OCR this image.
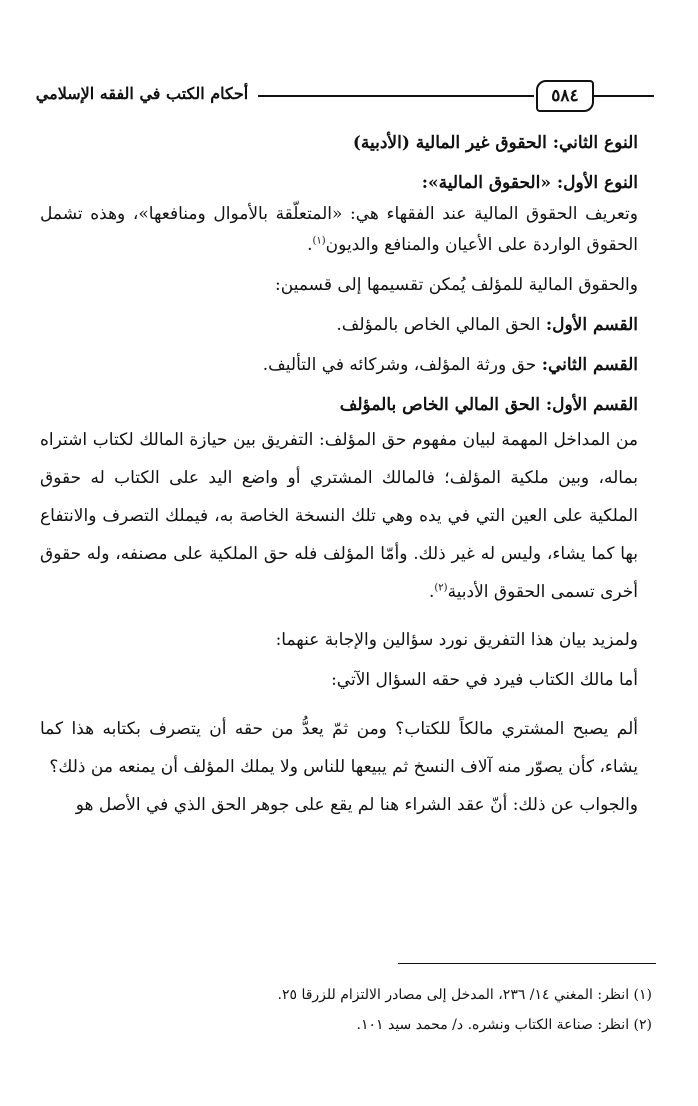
أحكام الكتب في الفقه الإسلامي	٥٨٤

النوع الثاني: الحقوق غير المالية (الأدبية)

النوع الأول: «الحقوق المالية»:

وتعريف الحقوق المالية عند الفقهاء هي: «المتعلّقة بالأموال ومنافعها»، وهذه تشمل الحقوق الواردة على الأعيان والمنافع والديون$^{(١)}$.

والحقوق المالية للمؤلف يُمكن تقسيمها إلى قسمين:

القسم الأول: الحق المالي الخاص بالمؤلف.

القسم الثاني: حق ورثة المؤلف، وشركائه في التأليف.

القسم الأول: الحق المالي الخاص بالمؤلف

من المداخل المهمة لبيان مفهوم حق المؤلف: التفريق بين حيازة المالك لكتاب اشتراه بماله، وبين ملكية المؤلف؛ فالمالك المشتري أو واضع اليد على الكتاب له حقوق الملكية على العين التي في يده وهي تلك النسخة الخاصة به، فيملك التصرف والانتفاع بها كما يشاء، وليس له غير ذلك. وأمّا المؤلف فله حق الملكية على مصنفه، وله حقوق أخرى تسمى الحقوق الأدبية$^{(٢)}$.

ولمزيد بيان هذا التفريق نورد سؤالين والإجابة عنهما:

أما مالك الكتاب فيرد في حقه السؤال الآتي:

ألم يصبح المشتري مالكاً للكتاب؟ ومن ثمّ يعدُّ من حقه أن يتصرف بكتابه هذا كما يشاء، كأن يصوّر منه آلاف النسخ ثم يبيعها للناس ولا يملك المؤلف أن يمنعه من ذلك؟

والجواب عن ذلك: أنّ عقد الشراء هنا لم يقع على جوهر الحق الذي في الأصل هو

(١) انظر: المغني ١٤/ ٢٣٦، المدخل إلى مصادر الالتزام للزرقا ٢٥.

(٢) انظر: صناعة الكتاب ونشره. د/ محمد سيد ١٠١.
